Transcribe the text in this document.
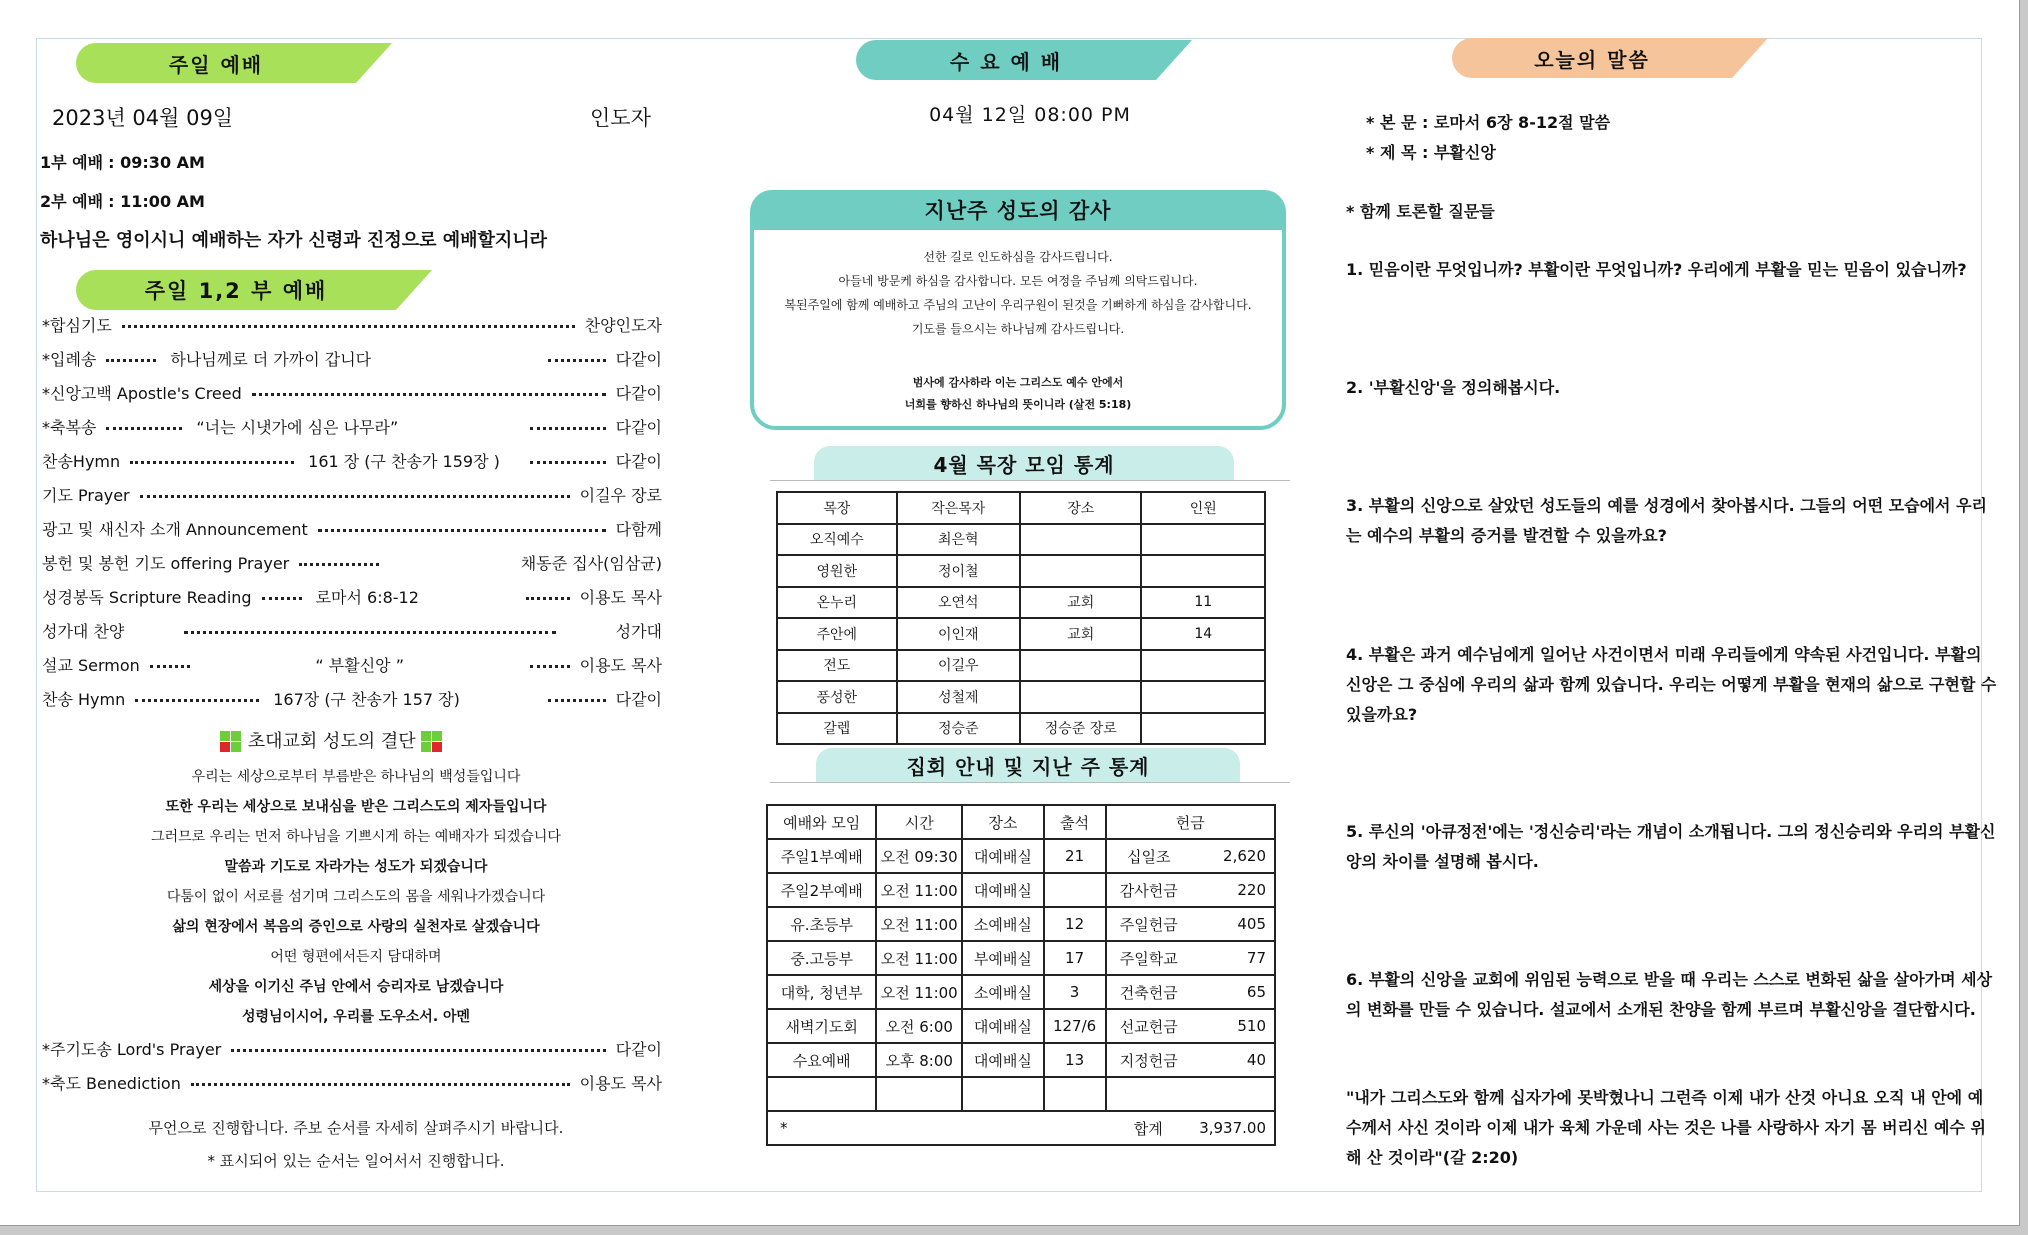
주일 예배
2023년 04월 09일	인도자
1부 예배 : 09:30 AM
2부 예배 : 11:00 AM
하나님은 영이시니 예배하는 자가 신령과 진정으로 예배할지니라
주일 1,2 부 예배
*합심기도	찬양인도자
*입례송	하나님께로 더 가까이 갑니다	다같이
*신앙고백 Apostle's Creed	다같이
*축복송	“너는 시냇가에 심은 나무라”	다같이
찬송Hymn	161 장 (구 찬송가 159장 )	다같이
기도 Prayer	이길우 장로
광고 및 새신자 소개 Announcement	다함께
봉헌 및 봉헌 기도 offering Prayer	채동준 집사(임삼균)
성경봉독 Scripture Reading	로마서 6:8-12	이용도 목사
성가대 찬양	성가대
설교 Sermon	“ 부활신앙 ”	이용도 목사
찬송 Hymn	167장 (구 찬송가 157 장)	다같이
초대교회 성도의 결단
우리는 세상으로부터 부름받은 하나님의 백성들입니다
또한 우리는 세상으로 보내심을 받은 그리스도의 제자들입니다
그러므로 우리는 먼저 하나님을 기쁘시게 하는 예배자가 되겠습니다
말씀과 기도로 자라가는 성도가 되겠습니다
다툼이 없이 서로를 섬기며 그리스도의 몸을 세워나가겠습니다
삶의 현장에서 복음의 증인으로 사랑의 실천자로 살겠습니다
어떤 형편에서든지 담대하며
세상을 이기신 주님 안에서 승리자로 남겠습니다
성령님이시어, 우리를 도우소서. 아멘
*주기도송 Lord's Prayer	다같이
*축도 Benediction	이용도 목사
무언으로 진행합니다. 주보 순서를 자세히 살펴주시기 바랍니다.
* 표시되어 있는 순서는 일어서서 진행합니다.
수 요 예 배
04월 12일 08:00 PM
지난주 성도의 감사
선한 길로 인도하심을 감사드립니다.
아들네 방문케 하심을 감사합니다. 모든 여정을 주님께 의탁드립니다.
복된주일에 함께 예배하고 주님의 고난이 우리구원이 된것을 기뻐하게 하심을 감사합니다.
기도를 들으시는 하나님께 감사드립니다.
범사에 감사하라 이는 그리스도 예수 안에서
너희를 향하신 하나님의 뜻이니라 (살전 5:18)
4월 목장 모임 통계
목장	작은목자	장소	인원
오직예수	최은혁		
영원한	정이철		
온누리	오연석	교회	11
주안에	이인재	교회	14
전도	이길우		
풍성한	성철제		
갈렙	정승준	정승준 장로	
집회 안내 및 지난 주 통계
예배와 모임	시간	장소	출석	헌금	
주일1부예배	오전 09:30	대예배실	21	십일조	2,620
주일2부예배	오전 11:00	대예배실		감사헌금	220
유.초등부	오전 11:00	소예배실	12	주일헌금	405
중.고등부	오전 11:00	부예배실	17	주일학교	77
대학, 청년부	오전 11:00	소예배실	3	건축헌금	65
새벽기도회	오전 6:00	대예배실	127/6	선교헌금	510
수요예배	오후 8:00	대예배실	13	지정헌금	40

*				합계	3,937.00
오늘의 말씀
* 본 문 : 로마서 6장 8-12절 말씀
* 제 목 : 부활신앙
* 함께 토론할 질문들
1. 믿음이란 무엇입니까? 부활이란 무엇입니까? 우리에게 부활을 믿는 믿음이 있습니까?
2. '부활신앙'을 정의해봅시다.
3. 부활의 신앙으로 살았던 성도들의 예를 성경에서 찾아봅시다. 그들의 어떤 모습에서 우리는 예수의 부활의 증거를 발견할 수 있을까요?
4. 부활은 과거 예수님에게 일어난 사건이면서 미래 우리들에게 약속된 사건입니다. 부활의 신앙은 그 중심에 우리의 삶과 함께 있습니다. 우리는 어떻게 부활을 현재의 삶으로 구현할 수 있을까요?
5. 루신의 '아큐정전'에는 '정신승리'라는 개념이 소개됩니다. 그의 정신승리와 우리의 부활신앙의 차이를 설명해 봅시다.
6. 부활의 신앙을 교회에 위임된 능력으로 받을 때 우리는 스스로 변화된 삶을 살아가며 세상의 변화를 만들 수 있습니다. 설교에서 소개된 찬양을 함께 부르며 부활신앙을 결단합시다.
"내가 그리스도와 함께 십자가에 못박혔나니 그런즉 이제 내가 산것 아니요 오직 내 안에 예수께서 사신 것이라 이제 내가 육체 가운데 사는 것은 나를 사랑하사 자기 몸 버리신 예수 위해 산 것이라"(갈 2:20)
